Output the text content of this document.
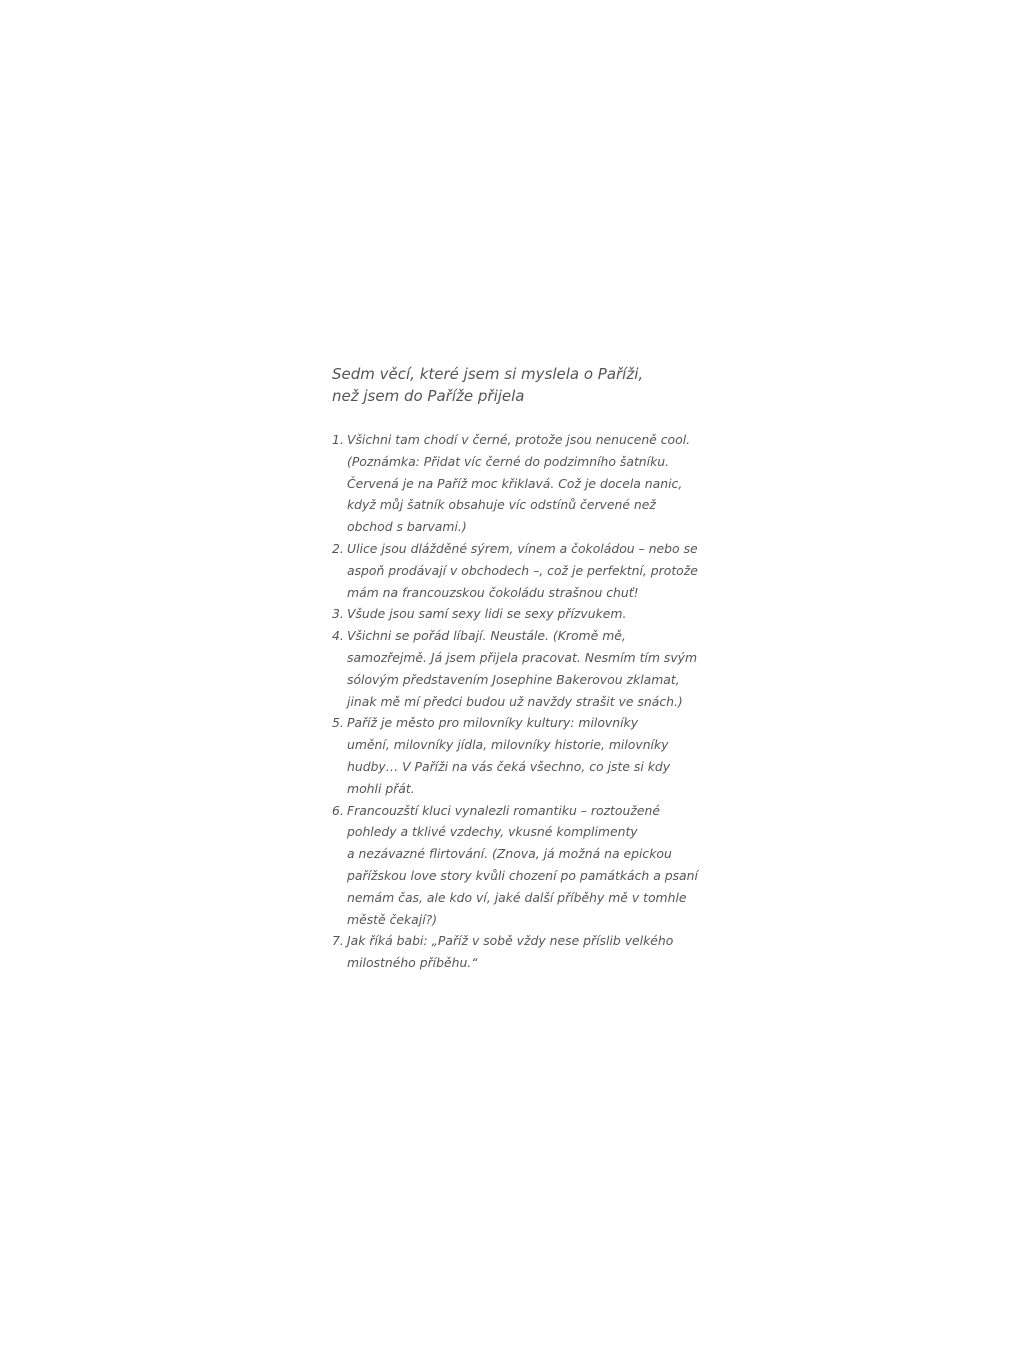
Sedm věcí, které jsem si myslela o Paříži,
než jsem do Paříže přijela
1. Všichni tam chodí v černé, protože jsou nenuceně cool.
(Poznámka: Přidat víc černé do podzimního šatníku.
Červená je na Paříž moc křiklavá. Což je docela nanic,
když můj šatník obsahuje víc odstínů červené než
obchod s barvami.)
2. Ulice jsou dlážděné sýrem, vínem a čokoládou – nebo se
aspoň prodávají v obchodech –, což je perfektní, protože
mám na francouzskou čokoládu strašnou chuť!
3. Všude jsou samí sexy lidi se sexy přízvukem.
4. Všichni se pořád líbají. Neustále. (Kromě mě,
samozřejmě. Já jsem přijela pracovat. Nesmím tím svým
sólovým představením Josephine Bakerovou zklamat,
jinak mě mí předci budou už navždy strašit ve snách.)
5. Paříž je město pro milovníky kultury: milovníky
umění, milovníky jídla, milovníky historie, milovníky
hudby… V Paříži na vás čeká všechno, co jste si kdy
mohli přát.
6. Francouzští kluci vynalezli romantiku – roztoužené
pohledy a tklivé vzdechy, vkusné komplimenty
a nezávazné flirtování. (Znova, já možná na epickou
pařížskou love story kvůli chození po památkách a psaní
nemám čas, ale kdo ví, jaké další příběhy mě v tomhle
městě čekají?)
7. Jak říká babi: „Paříž v sobě vždy nese příslib velkého
milostného příběhu.“
